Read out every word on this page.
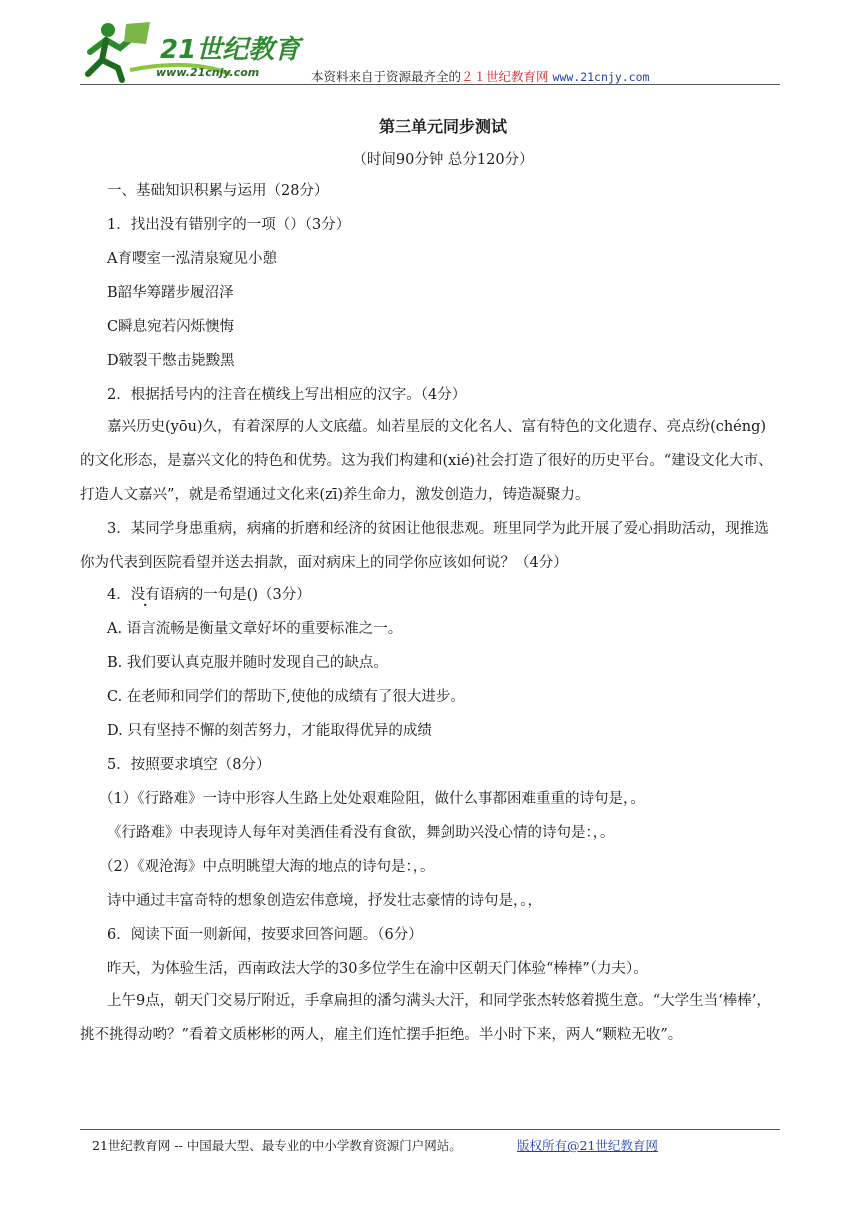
21世纪教育
www.21cnjy.com	本资料来自于资源最齐全的２１世纪教育网 www.21cnjy.com
第三单元同步测试
（时间90分钟 总分120分）
一、基础知识积累与运用（28分）
1．找出没有错别字的一项（）（3分）
A育嘤室一泓清泉窥见小憩
B韶华筹躇步履沼泽
C瞬息宛若闪烁懊悔
D皲裂干憋击毙黢黑
2．根据括号内的注音在横线上写出相应的汉字。（4分）
嘉兴历史(yōu)久，有着深厚的人文底蕴。灿若星辰的文化名人、富有特色的文化遗存、亮点纷(chéng)的文化形态，是嘉兴文化的特色和优势。这为我们构建和(xié)社会打造了很好的历史平台。“建设文化大市、打造人文嘉兴”，就是希望通过文化来(zī)养生命力，激发创造力，铸造凝聚力。
3．某同学身患重病，病痛的折磨和经济的贫困让他很悲观。班里同学为此开展了爱心捐助活动，现推选你为代表到医院看望并送去捐款，面对病床上的同学你应该如何说？（4分）
4．没有语病的一句是()（3分）
A. 语言流畅是衡量文章好坏的重要标准之一。
B. 我们要认真克服并随时发现自己的缺点。
C. 在老师和同学们的帮助下,使他的成绩有了很大进步。
D. 只有坚持不懈的刻苦努力，才能取得优异的成绩
5．按照要求填空（8分）
（1）《行路难》一诗中形容人生路上处处艰难险阻，做什么事都困难重重的诗句是，。
《行路难》中表现诗人每年对美酒佳肴没有食欲，舞剑助兴没心情的诗句是：，。
（2）《观沧海》中点明眺望大海的地点的诗句是：，。
诗中通过丰富奇特的想象创造宏伟意境，抒发壮志豪情的诗句是，。，
6．阅读下面一则新闻，按要求回答问题。（6分）
昨天，为体验生活，西南政法大学的30多位学生在渝中区朝天门体验“棒棒”（力夫）。
上午9点，朝天门交易厅附近，手拿扁担的潘匀满头大汗，和同学张杰转悠着揽生意。“大学生当‘棒棒’，挑不挑得动哟？”看着文质彬彬的两人，雇主们连忙摆手拒绝。半小时下来，两人“颗粒无收”。
21世纪教育网 -- 中国最大型、最专业的中小学教育资源门户网站。	版权所有@21世纪教育网
